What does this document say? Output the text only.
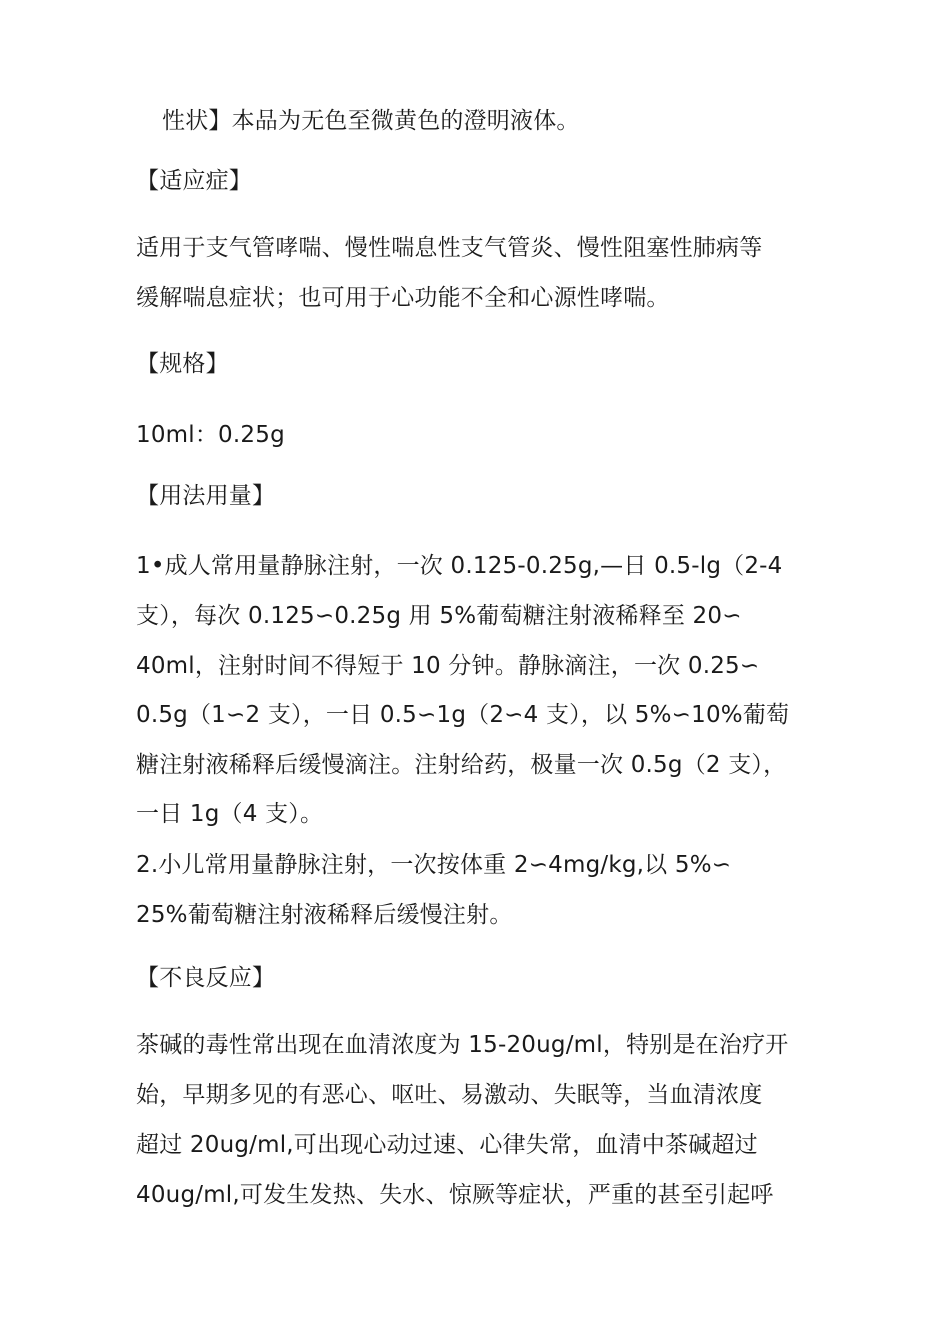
性状】本品为无色至微黄色的澄明液体。
【适应症】
适用于支气管哮喘、慢性喘息性支气管炎、慢性阻塞性肺病等
缓解喘息症状；也可用于心功能不全和心源性哮喘。
【规格】
10ml：0.25g
【用法用量】
1•成人常用量静脉注射，一次 0.125-0.25g,—日 0.5-lg（2-4
支），每次 0.125∽0.25g 用 5%葡萄糖注射液稀释至 20∽
40ml，注射时间不得短于 10 分钟。静脉滴注，一次 0.25∽
0.5g（1∽2 支），一日 0.5∽1g（2∽4 支），以 5%∽10%葡萄
糖注射液稀释后缓慢滴注。注射给药，极量一次 0.5g（2 支），
一日 1g（4 支）。
2.小儿常用量静脉注射，一次按体重 2∽4mg/kg,以 5%∽
25%葡萄糖注射液稀释后缓慢注射。
【不良反应】
茶碱的毒性常出现在血清浓度为 15-20ug/ml，特别是在治疗开
始，早期多见的有恶心、呕吐、易激动、失眠等，当血清浓度
超过 20ug/ml,可出现心动过速、心律失常，血清中茶碱超过
40ug/ml,可发生发热、失水、惊厥等症状，严重的甚至引起呼
